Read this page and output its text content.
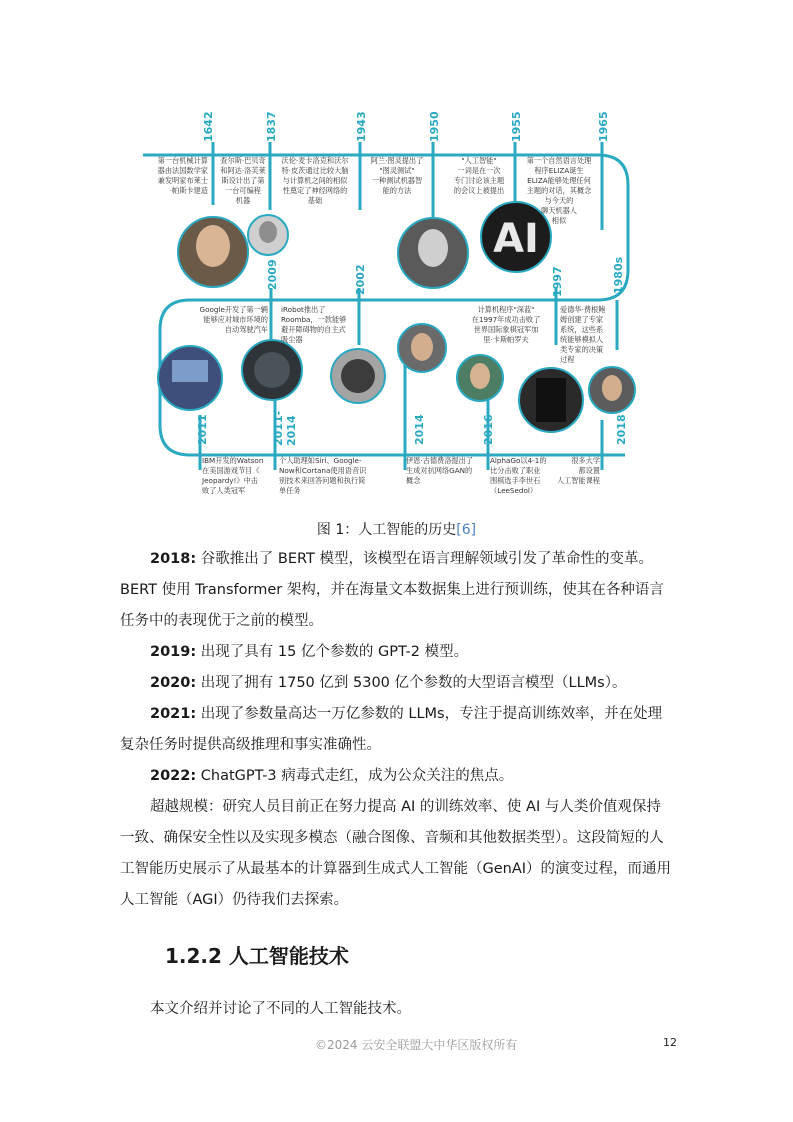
1642	1837	1943	1950	1955	1965
2009	2002	1997	1980s
2011	2011- 2014	2014	2016	2018
AI
第一台机械计算
器由法国数学家
兼发明家布莱士
·帕斯卡建造
查尔斯·巴贝奇
和阿达·洛芙莱
斯设计出了第
一台可编程
机器
沃伦·麦卡洛克和沃尔
特·皮茨通过比较大脑
与计算机之间的相似
性奠定了神经网络的
基础
阿兰·图灵提出了
"图灵测试"
一种测试机器智
能的方法
"人工智能"
一词是在一次
专门讨论该主题
的会议上被提出
第一个自然语言处理
程序ELIZA诞生
ELIZA能够处理任何
主题的对话，其概念
与今天的
聊天机器人
相似
Google开发了第一辆
能够应对城市环境的
自动驾驶汽车
iRobot推出了
Roomba，一款能够
避开障碍物的自主式
吸尘器
计算机程序"深蓝"
在1997年成功击败了
世界国际象棋冠军加
里·卡斯帕罗夫
爱德华·费根鲍
姆创建了专家
系统，这些系
统能够模拟人
类专家的决策
过程
IBM开发的Watson
在美国游戏节目《
Jeopardy!》中击
败了人类冠军
个人助理如Siri、Google-
Now和Cortana使用语音识
别技术来回答问题和执行简
单任务
伊恩·古德费洛提出了
生成对抗网络GAN的
概念
AlphaGo以4-1的
比分击败了职业
围棋选手李世石
（LeeSedol）
很多大学
都设置
人工智能课程
图 1：人工智能的历史[6]
2018: 谷歌推出了 BERT 模型，该模型在语言理解领域引发了革命性的变革。BERT 使用 Transformer 架构，并在海量文本数据集上进行预训练，使其在各种语言任务中的表现优于之前的模型。
2019: 出现了具有 15 亿个参数的 GPT-2 模型。
2020: 出现了拥有 1750 亿到 5300 亿个参数的大型语言模型（LLMs）。
2021: 出现了参数量高达一万亿参数的 LLMs，专注于提高训练效率，并在处理复杂任务时提供高级推理和事实准确性。
2022: ChatGPT-3 病毒式走红，成为公众关注的焦点。
超越规模：研究人员目前正在努力提高 AI 的训练效率、使 AI 与人类价值观保持一致、确保安全性以及实现多模态（融合图像、音频和其他数据类型）。这段简短的人工智能历史展示了从最基本的计算器到生成式人工智能（GenAI）的演变过程，而通用人工智能（AGI）仍待我们去探索。
1.2.2 人工智能技术
本文介绍并讨论了不同的人工智能技术。
©2024 云安全联盟大中华区版权所有	12
